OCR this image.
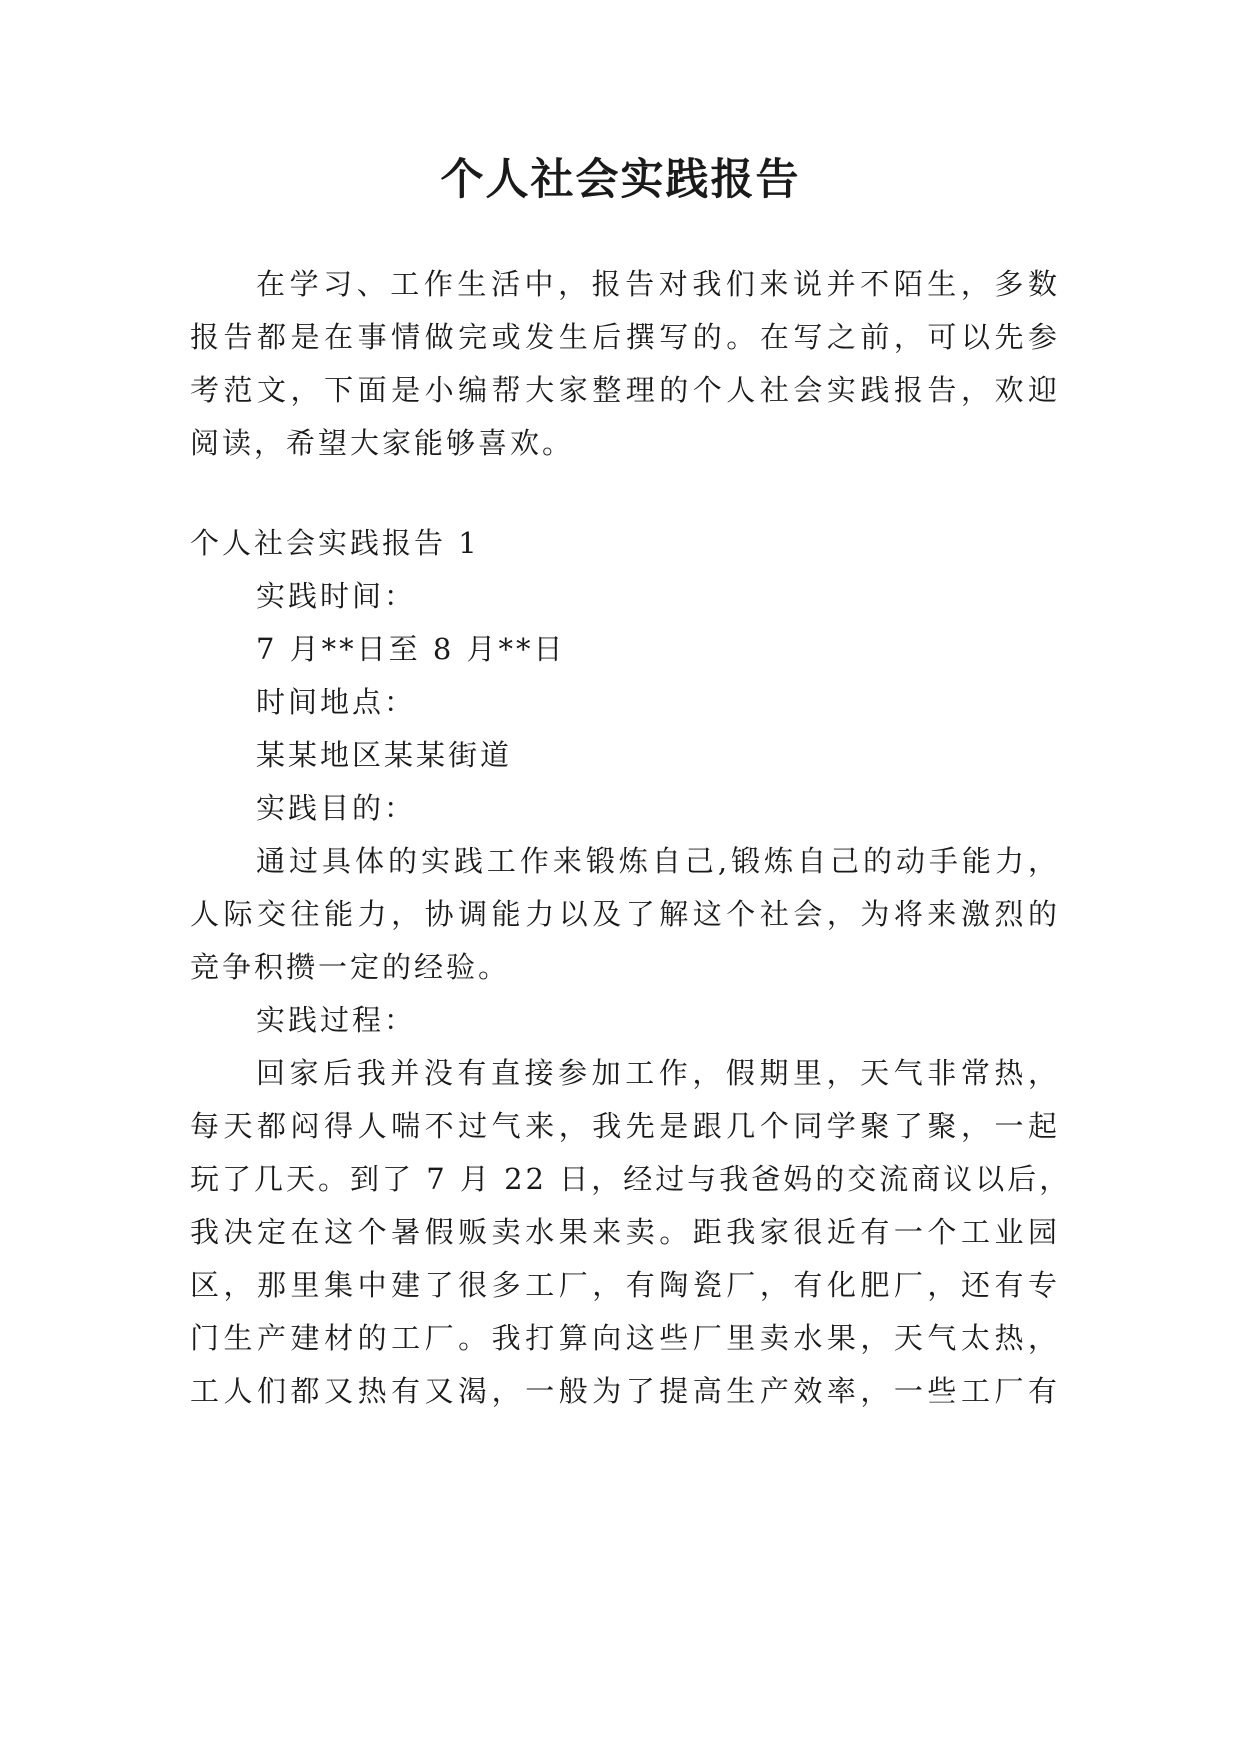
个人社会实践报告
在学习、工作生活中，报告对我们来说并不陌生，多数
报告都是在事情做完或发生后撰写的。在写之前，可以先参
考范文，下面是小编帮大家整理的个人社会实践报告，欢迎
阅读，希望大家能够喜欢。
个人社会实践报告 1
实践时间：
7 月**日至 8 月**日
时间地点：
某某地区某某街道
实践目的：
通过具体的实践工作来锻炼自己,锻炼自己的动手能力，
人际交往能力，协调能力以及了解这个社会，为将来激烈的
竞争积攒一定的经验。
实践过程：
回家后我并没有直接参加工作，假期里，天气非常热，
每天都闷得人喘不过气来，我先是跟几个同学聚了聚，一起
玩了几天。到了 7 月 22 日，经过与我爸妈的交流商议以后，
我决定在这个暑假贩卖水果来卖。距我家很近有一个工业园
区，那里集中建了很多工厂，有陶瓷厂，有化肥厂，还有专
门生产建材的工厂。我打算向这些厂里卖水果，天气太热，
工人们都又热有又渴，一般为了提高生产效率，一些工厂有
